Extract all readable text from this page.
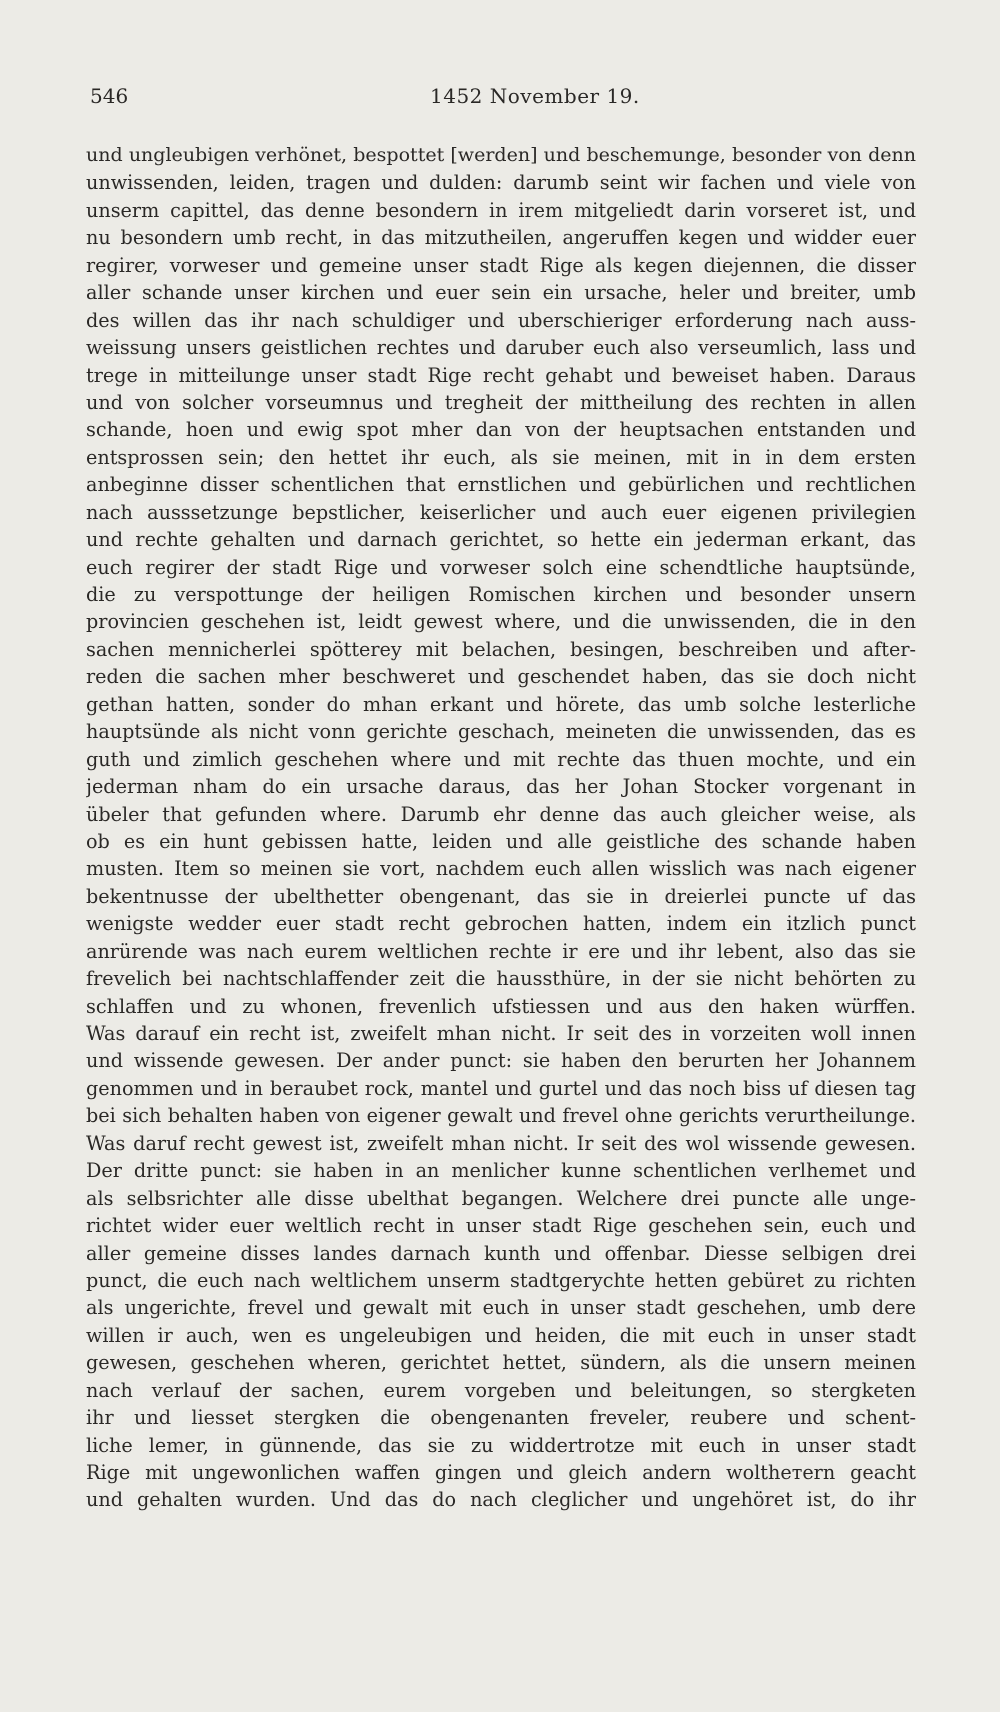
546	1452 November 19.
und ungleubigen verhönet, bespottet [werden] und beschemunge, besonder von denn
unwissenden, leiden, tragen und dulden: darumb seint wir fachen und viele von
unserm capittel, das denne besondern in irem mitgeliedt darin vorseret ist, und
nu besondern umb recht, in das mitzutheilen, angeruffen kegen und widder euer
regirer, vorweser und gemeine unser stadt Rige als kegen diejennen, die disser
aller schande unser kirchen und euer sein ein ursache, heler und breiter, umb
des willen das ihr nach schuldiger und uberschieriger erforderung nach auss-
weissung unsers geistlichen rechtes und daruber euch also verseumlich, lass und
trege in mitteilunge unser stadt Rige recht gehabt und beweiset haben. Daraus
und von solcher vorseumnus und tregheit der mittheilung des rechten in allen
schande, hoen und ewig spot mher dan von der heuptsachen entstanden und
entsprossen sein; den hettet ihr euch, als sie meinen, mit in in dem ersten
anbeginne disser schentlichen that ernstlichen und gebürlichen und rechtlichen
nach ausssetzunge bepstlicher, keiserlicher und auch euer eigenen privilegien
und rechte gehalten und darnach gerichtet, so hette ein jederman erkant, das
euch regirer der stadt Rige und vorweser solch eine schendtliche hauptsünde,
die zu verspottunge der heiligen Romischen kirchen und besonder unsern
provincien geschehen ist, leidt gewest where, und die unwissenden, die in den
sachen mennicherlei spötterey mit belachen, besingen, beschreiben und after-
reden die sachen mher beschweret und geschendet haben, das sie doch nicht
gethan hatten, sonder do mhan erkant und hörete, das umb solche lesterliche
hauptsünde als nicht vonn gerichte geschach, meineten die unwissenden, das es
guth und zimlich geschehen where und mit rechte das thuen mochte, und ein
jederman nham do ein ursache daraus, das her Johan Stocker vorgenant in
übeler that gefunden where. Darumb ehr denne das auch gleicher weise, als
ob es ein hunt gebissen hatte, leiden und alle geistliche des schande haben
musten. Item so meinen sie vort, nachdem euch allen wisslich was nach eigener
bekentnusse der ubelthetter obengenant, das sie in dreierlei puncte uf das
wenigste wedder euer stadt recht gebrochen hatten, indem ein itzlich punct
anrürende was nach eurem weltlichen rechte ir ere und ihr lebent, also das sie
frevelich bei nachtschlaffender zeit die haussthüre, in der sie nicht behörten zu
schlaffen und zu whonen, frevenlich ufstiessen und aus den haken würffen.
Was darauf ein recht ist, zweifelt mhan nicht. Ir seit des in vorzeiten woll innen
und wissende gewesen. Der ander punct: sie haben den berurten her Johannem
genommen und in beraubet rock, mantel und gurtel und das noch biss uf diesen tag
bei sich behalten haben von eigener gewalt und frevel ohne gerichts verurtheilunge.
Was daruf recht gewest ist, zweifelt mhan nicht. Ir seit des wol wissende gewesen.
Der dritte punct: sie haben in an menlicher kunne schentlichen verlhemet und
als selbsrichter alle disse ubelthat begangen. Welchere drei puncte alle unge-
richtet wider euer weltlich recht in unser stadt Rige geschehen sein, euch und
aller gemeine disses landes darnach kunth und offenbar. Diesse selbigen drei
punct, die euch nach weltlichem unserm stadtgerychte hetten gebüret zu richten
als ungerichte, frevel und gewalt mit euch in unser stadt geschehen, umb dere
willen ir auch, wen es ungeleubigen und heiden, die mit euch in unser stadt
gewesen, geschehen wheren, gerichtet hettet, sündern, als die unsern meinen
nach verlauf der sachen, eurem vorgeben und beleitungen, so stergketen
ihr und liesset stergken die obengenanten freveler, reubere und schent-
liche lemer, in günnende, das sie zu widdertrotze mit euch in unser stadt
Rige mit ungewonlichen waffen gingen und gleich andern woltheтern geacht
und gehalten wurden. Und das do nach cleglicher und ungehöret ist, do ihr
